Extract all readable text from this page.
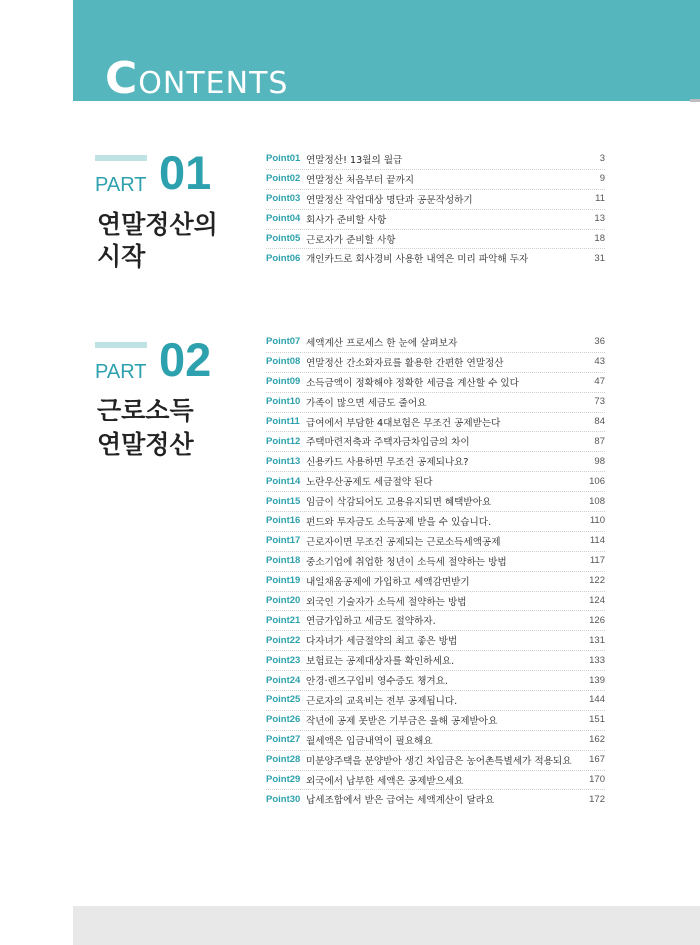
CONTENTS
PART 01
연말정산의
시작
Point01 연말정산! 13월의 월급	3
Point02 연말정산 처음부터 끝까지	9
Point03 연말정산 작업대상 명단과 공문작성하기	11
Point04 회사가 준비할 사항	13
Point05 근로자가 준비할 사항	18
Point06 개인카드로 회사경비 사용한 내역은 미리 파악해 두자	31
PART 02
근로소득
연말정산
Point07 세액계산 프로세스 한 눈에 살펴보자	36
Point08 연말정산 간소화자료를 활용한 간편한 연말정산	43
Point09 소득금액이 정확해야 정확한 세금을 계산할 수 있다	47
Point10 가족이 많으면 세금도 줄어요	73
Point11 급여에서 부담한 4대보험은 무조건 공제받는다	84
Point12 주택마련저축과 주택자금차입금의 차이	87
Point13 신용카드 사용하면 무조건 공제되나요?	98
Point14 노란우산공제도 세금절약 된다	106
Point15 임금이 삭감되어도 고용유지되면 혜택받아요	108
Point16 펀드와 투자금도 소득공제 받을 수 있습니다.	110
Point17 근로자이면 무조건 공제되는 근로소득세액공제	114
Point18 중소기업에 취업한 청년이 소득세 절약하는 방법	117
Point19 내일채움공제에 가입하고 세액감면받기	122
Point20 외국인 기술자가 소득세 절약하는 방법	124
Point21 연금가입하고 세금도 절약하자.	126
Point22 다자녀가 세금절약의 최고 좋은 방법	131
Point23 보험료는 공제대상자를 확인하세요.	133
Point24 안경·렌즈구입비 영수증도 챙겨요.	139
Point25 근로자의 교육비는 전부 공제됩니다.	144
Point26 작년에 공제 못받은 기부금은 올해 공제받아요	151
Point27 월세액은 입금내역이 필요해요	162
Point28 미분양주택을 분양받아 생긴 차입금은 농어촌특별세가 적용되요	167
Point29 외국에서 납부한 세액은 공제받으세요	170
Point30 납세조합에서 받은 급여는 세액계산이 달라요	172
